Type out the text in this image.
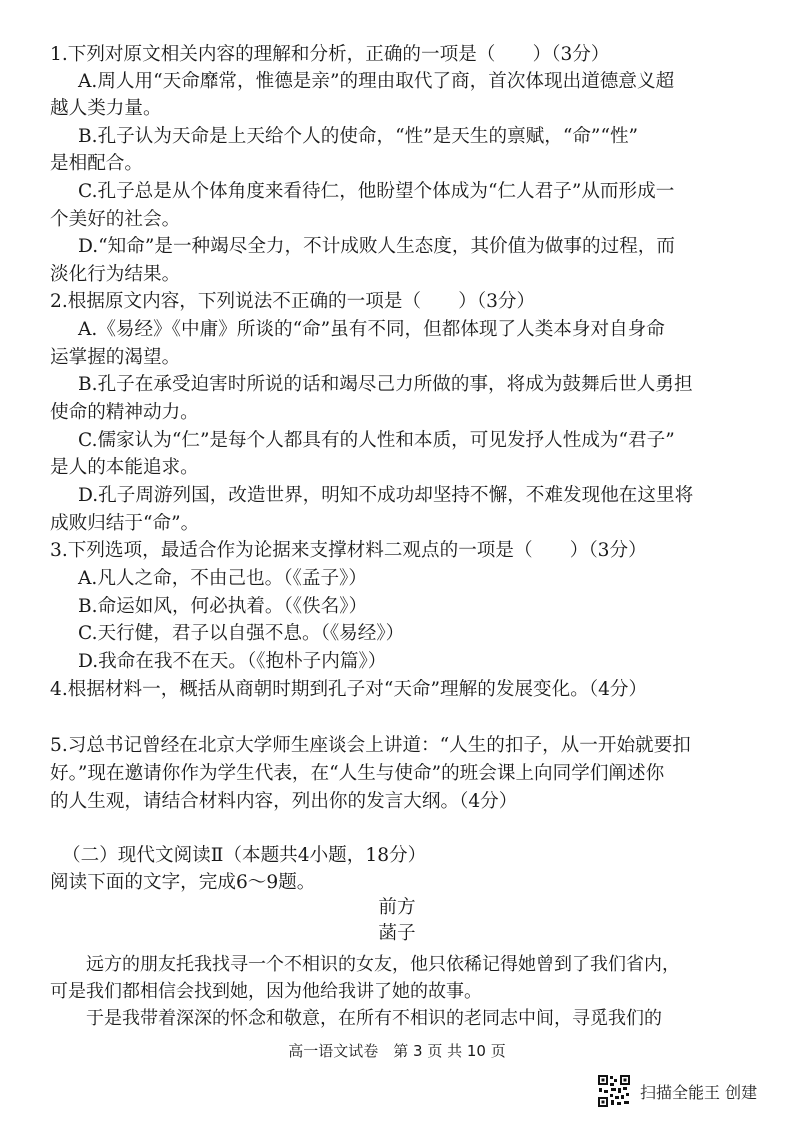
1.下列对原文相关内容的理解和分析，正确的一项是（　　）（3分）
A.周人用“天命靡常，惟德是亲”的理由取代了商，首次体现出道德意义超
越人类力量。
B.孔子认为天命是上天给个人的使命，“性”是天生的禀赋，“命”“性”
是相配合。
C.孔子总是从个体角度来看待仁，他盼望个体成为“仁人君子”从而形成一
个美好的社会。
D.“知命”是一种竭尽全力，不计成败人生态度，其价值为做事的过程，而
淡化行为结果。
2.根据原文内容，下列说法不正确的一项是（　　）（3分）
A.《易经》《中庸》所谈的“命”虽有不同，但都体现了人类本身对自身命
运掌握的渴望。
B.孔子在承受迫害时所说的话和竭尽己力所做的事，将成为鼓舞后世人勇担
使命的精神动力。
C.儒家认为“仁”是每个人都具有的人性和本质，可见发抒人性成为“君子”
是人的本能追求。
D.孔子周游列国，改造世界，明知不成功却坚持不懈，不难发现他在这里将
成败归结于“命”。
3.下列选项，最适合作为论据来支撑材料二观点的一项是（　　）（3分）
A.凡人之命，不由己也。（《孟子》）
B.命运如风，何必执着。（《佚名》）
C.天行健，君子以自强不息。（《易经》）
D.我命在我不在天。（《抱朴子内篇》）
4.根据材料一，概括从商朝时期到孔子对“天命”理解的发展变化。（4分）
5.习总书记曾经在北京大学师生座谈会上讲道：“人生的扣子，从一开始就要扣
好。”现在邀请你作为学生代表，在“人生与使命”的班会课上向同学们阐述你
的人生观，请结合材料内容，列出你的发言大纲。（4分）
（二）现代文阅读Ⅱ（本题共4小题，18分）
阅读下面的文字，完成6～9题。
前方
菡子
远方的朋友托我找寻一个不相识的女友，他只依稀记得她曾到了我们省内，
可是我们都相信会找到她，因为他给我讲了她的故事。
于是我带着深深的怀念和敬意，在所有不相识的老同志中间，寻觅我们的
高一语文试卷　第 3 页 共 10 页
扫描全能王 创建
